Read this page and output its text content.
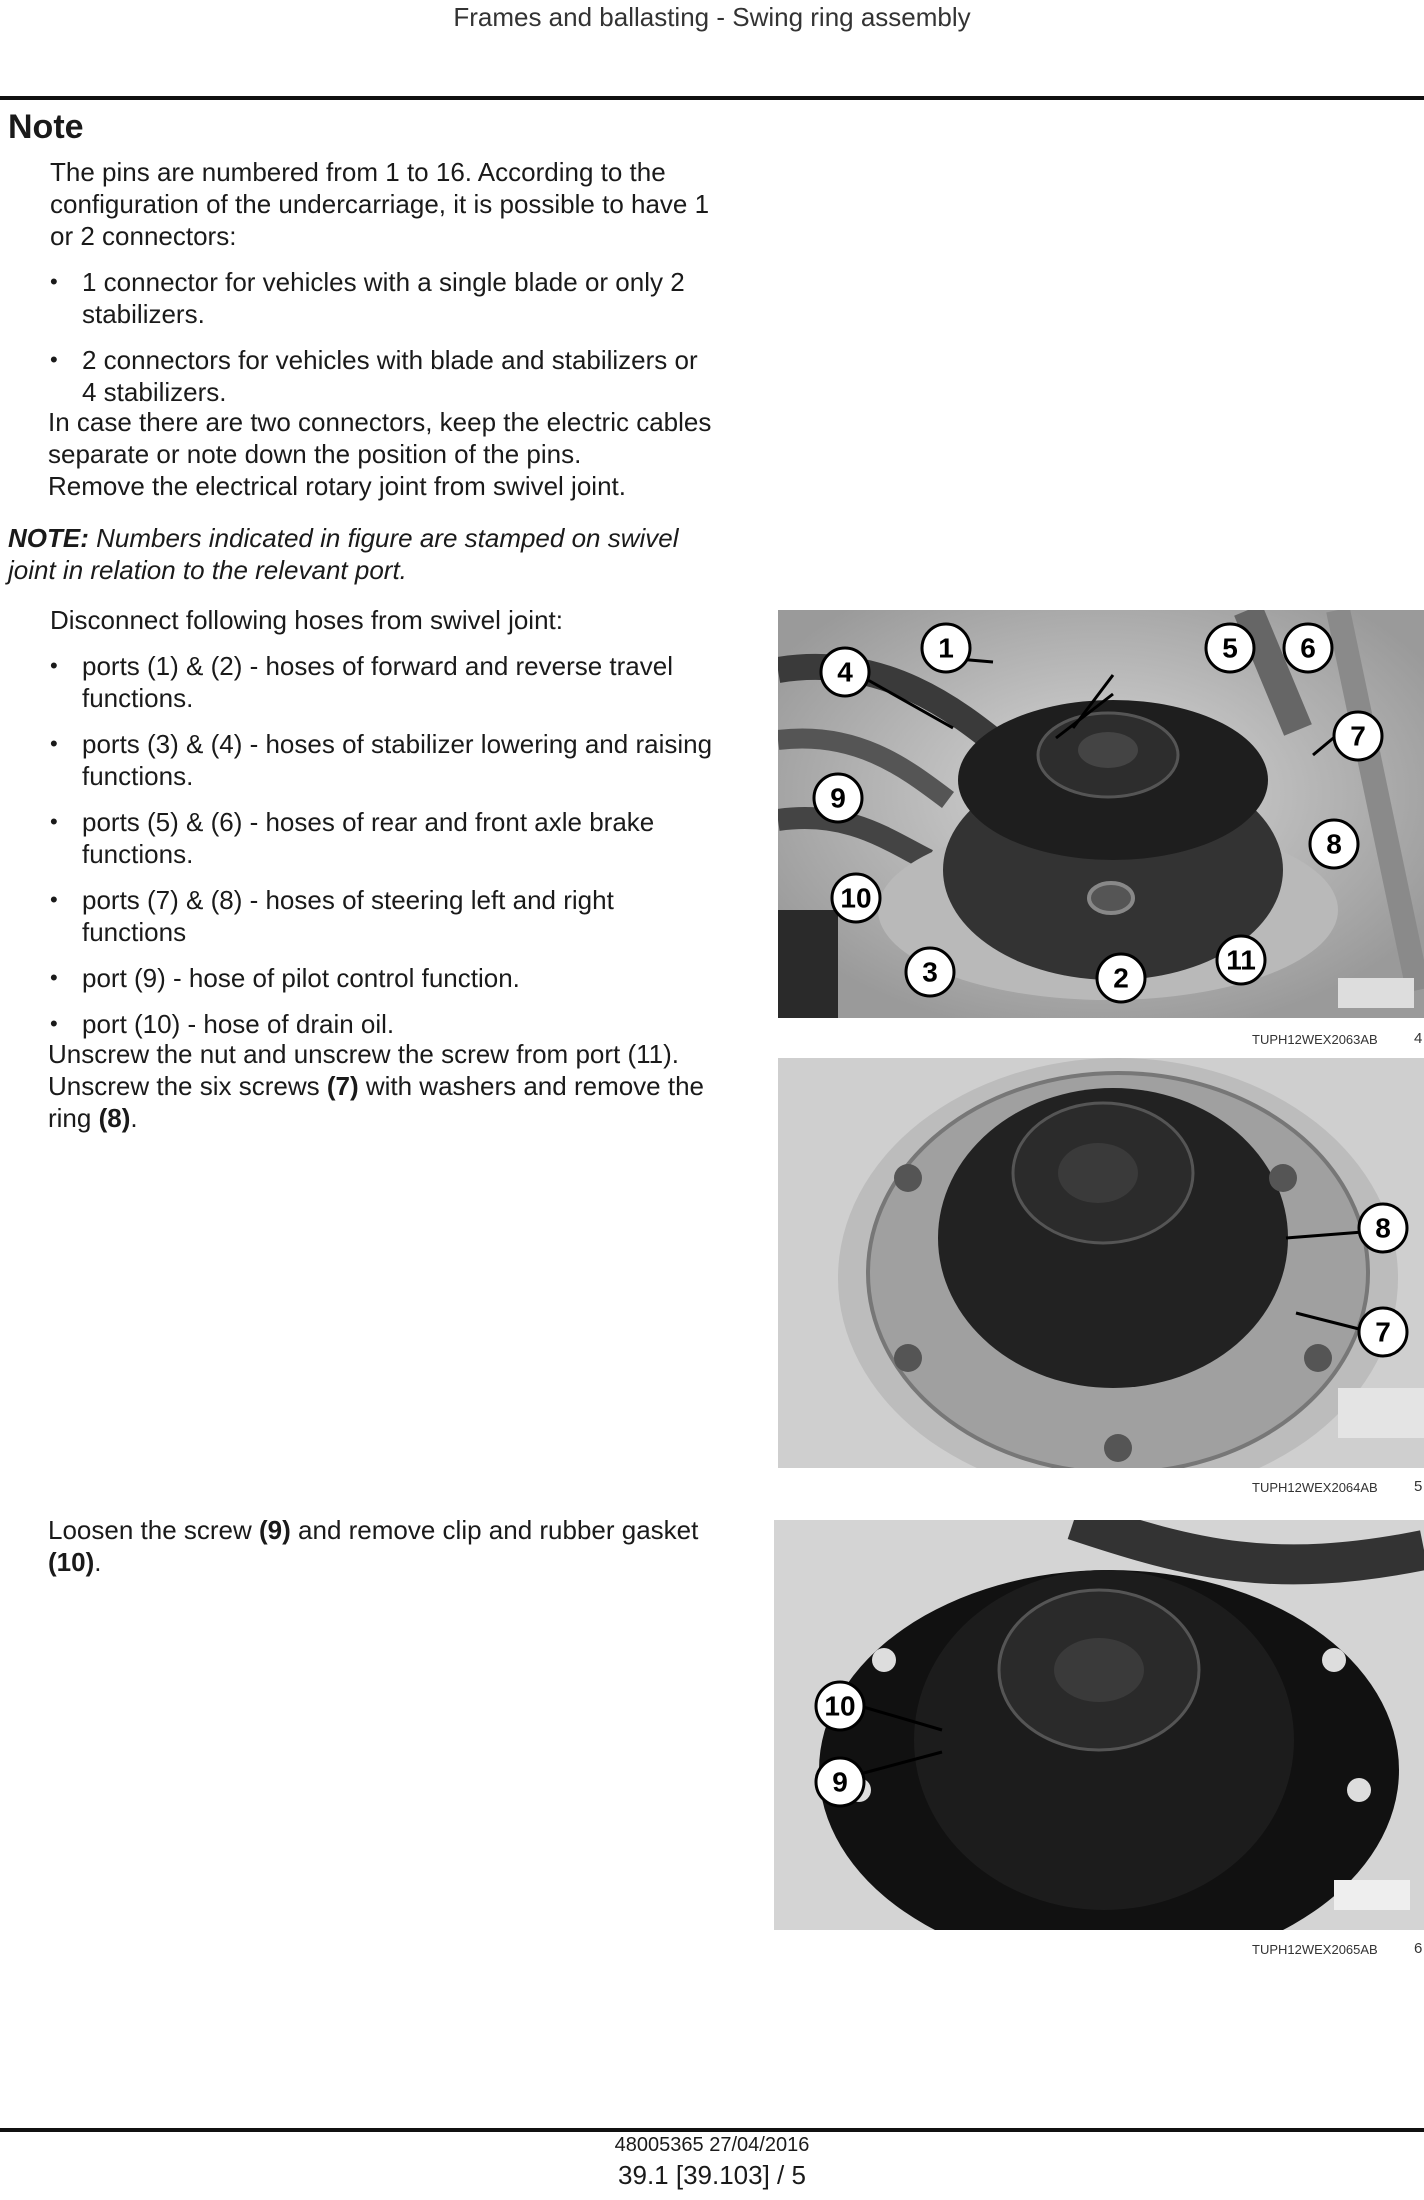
Frames and ballasting - Swing ring assembly
Note
The pins are numbered from 1 to 16. According to the configuration of the undercarriage, it is possible to have 1 or 2 connectors:
• 1 connector for vehicles with a single blade or only 2 stabilizers.
• 2 connectors for vehicles with blade and stabilizers or 4 stabilizers.
In case there are two connectors, keep the electric cables separate or note down the position of the pins.
Remove the electrical rotary joint from swivel joint.
NOTE: Numbers indicated in figure are stamped on swivel joint in relation to the relevant port.
Disconnect following hoses from swivel joint:
• ports (1) & (2) - hoses of forward and reverse travel functions.
• ports (3) & (4) - hoses of stabilizer lowering and raising functions.
• ports (5) & (6) - hoses of rear and front axle brake functions.
• ports (7) & (8) - hoses of steering left and right functions
• port (9) - hose of pilot control function.
• port (10) - hose of drain oil.
Unscrew the nut and unscrew the screw from port (11).
Unscrew the six screws (7) with washers and remove the ring (8).
Loosen the screw (9) and remove clip and rubber gasket (10).
1
4
5 6
7
9
8
10
3	2
11
TUPH12WEX2063AB 4
8
7
TUPH12WEX2064AB 5
10
9
TUPH12WEX2065AB 6
48005365 27/04/2016
39.1 [39.103] / 5
